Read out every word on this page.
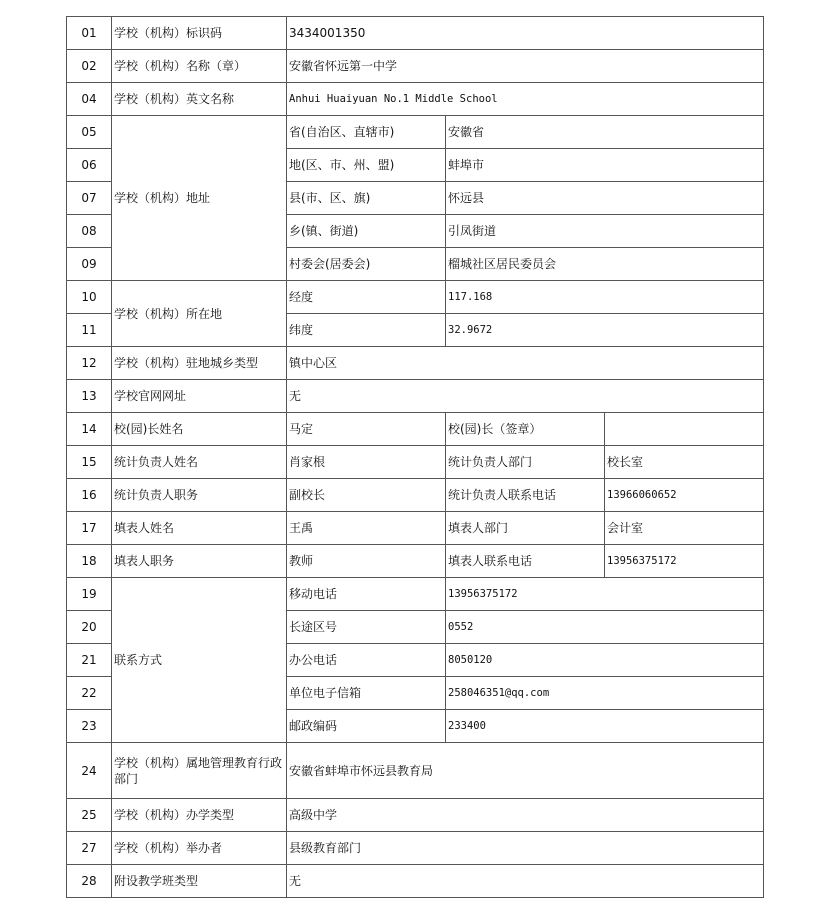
01	学校（机构）标识码	3434001350		
02	学校（机构）名称（章）	安徽省怀远第一中学		
04	学校（机构）英文名称	Anhui Huaiyuan No.1 Middle School		
05	学校（机构）地址	省(自治区、直辖市)	安徽省	
06		地(区、市、州、盟)	蚌埠市	
07		县(市、区、旗)	怀远县	
08		乡(镇、街道)	引凤街道	
09		村委会(居委会)	榴城社区居民委员会	
10	学校（机构）所在地	经度	117.168	
11		纬度	32.9672	
12	学校（机构）驻地城乡类型	镇中心区		
13	学校官网网址	无		
14	校(园)长姓名	马定	校(园)长（签章）	
15	统计负责人姓名	肖家根	统计负责人部门	校长室
16	统计负责人职务	副校长	统计负责人联系电话	13966060652
17	填表人姓名	王禹	填表人部门	会计室
18	填表人职务	教师	填表人联系电话	13956375172
19	联系方式	移动电话	13956375172	
20		长途区号	0552	
21		办公电话	8050120	
22		单位电子信箱	258046351@qq.com	
23		邮政编码	233400	
24	学校（机构）属地管理教育行政部门	安徽省蚌埠市怀远县教育局		
25	学校（机构）办学类型	高级中学		
27	学校（机构）举办者	县级教育部门		
28	附设教学班类型	无		
